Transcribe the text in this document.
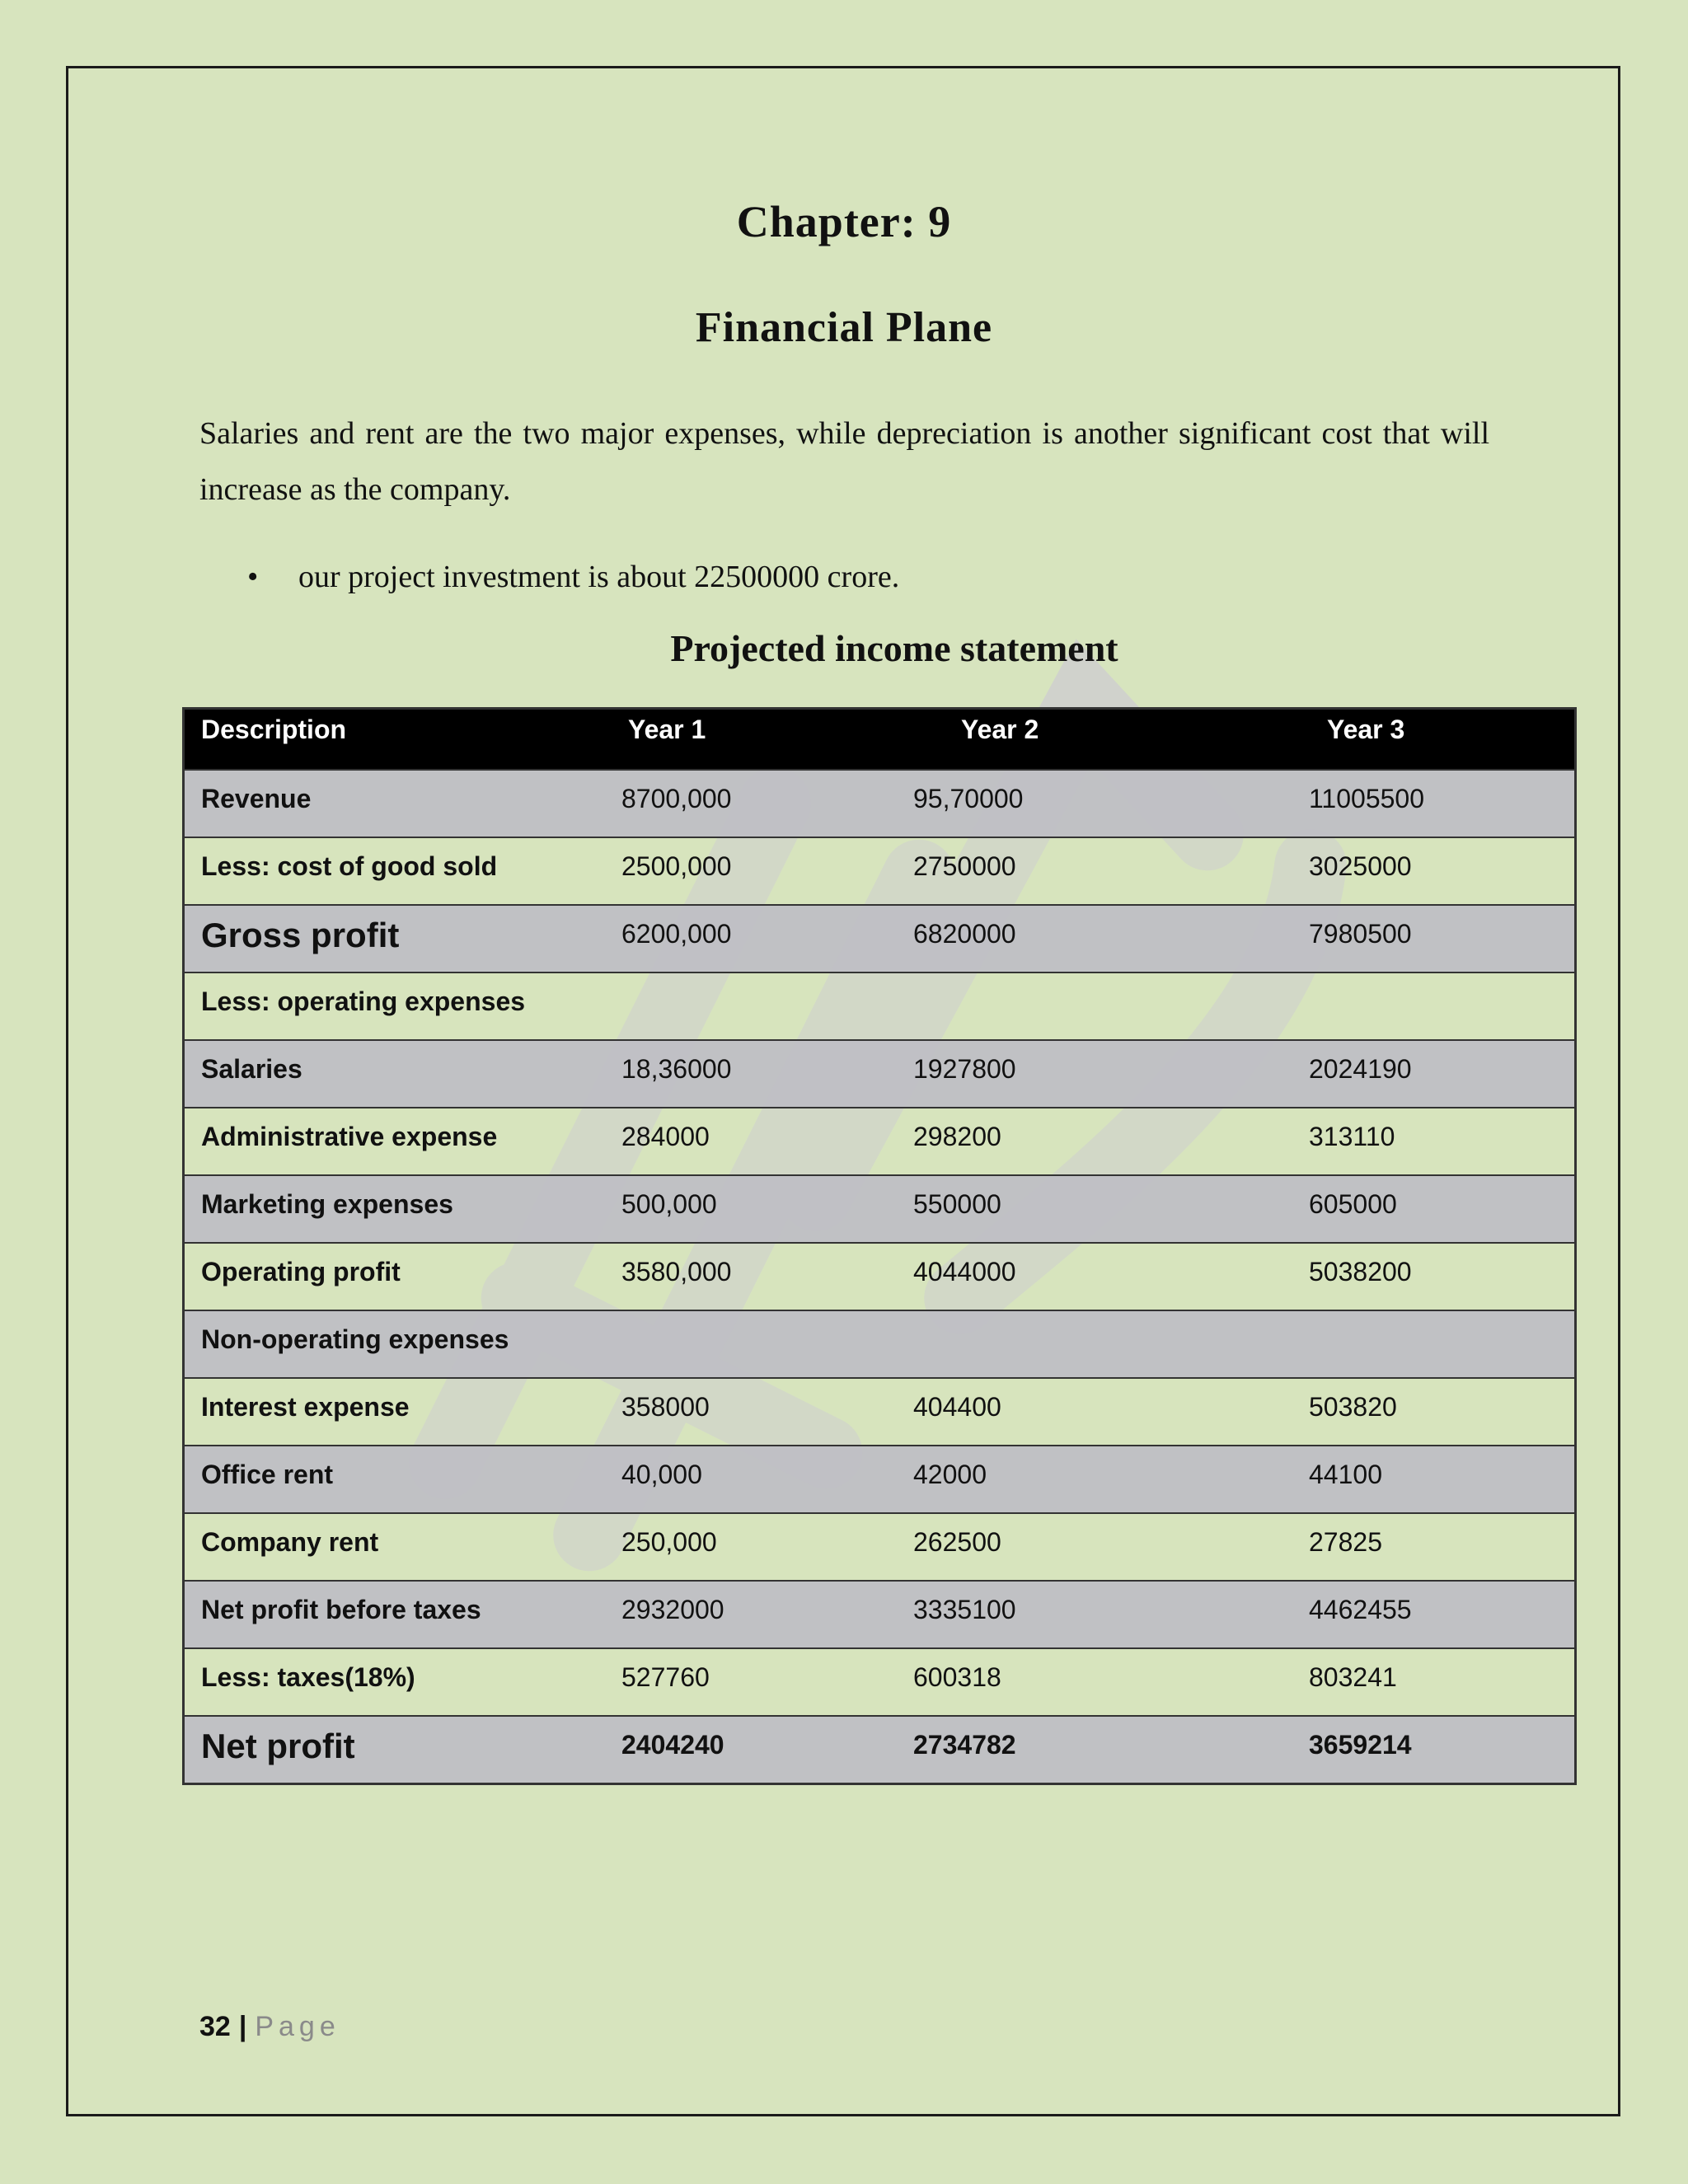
Chapter: 9
Financial Plane
Salaries and rent are the two major expenses, while depreciation is another significant cost that will increase as the company.
•	our project investment is about 22500000 crore.
Projected income statement
Description	Year 1	Year 2	Year 3
Revenue	8700,000	95,70000	11005500
Less: cost of good sold	2500,000	2750000	3025000
Gross profit	6200,000	6820000	7980500
Less: operating expenses			
Salaries	18,36000	1927800	2024190
Administrative expense	284000	298200	313110
Marketing expenses	500,000	550000	605000
Operating profit	3580,000	4044000	5038200
Non-operating expenses			
Interest expense	358000	404400	503820
Office rent	40,000	42000	44100
Company rent	250,000	262500	27825
Net profit before taxes	2932000	3335100	4462455
Less: taxes(18%)	527760	600318	803241
Net profit	2404240	2734782	3659214
32 | Page
